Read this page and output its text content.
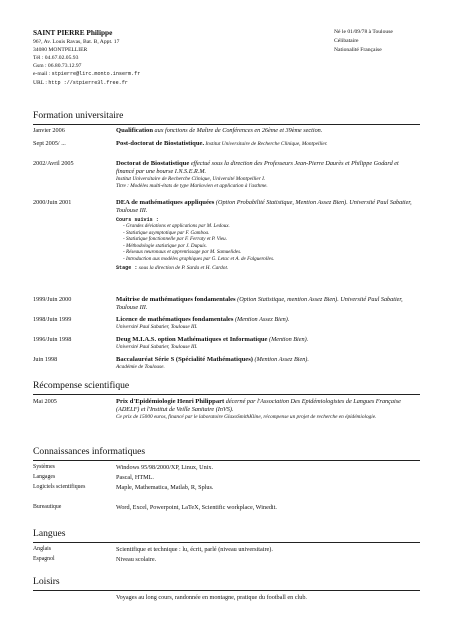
SAINT PIERRE Philippe
96?, Av. Louis Ravas, Bat. B, Appt. 17
34080 MONTPELLIER
Tél : 04.67.02.05.93
Gsm : 06.80.73.12.97
e-mail : stpierre@lirc.monto.inserm.fr
URL : http ://stpierre3l.free.fr
Né le 01/09/78 à Toulouse
Célibataire
Nationalité Française
Formation universitaire
Janvier 2006	Qualification aux fonctions de Maître de Conférences en 26ème et 39ème section.
Sept 2005/ ...	Post-doctorat de Biostatistique. Institut Universitaire de Recherche Clinique, Montpellier.
2002/Avril 2005	Doctorat de Biostatistique effectué sous la direction des Professeurs Jean-Pierre Daurès et Philippe Godard et financé par une bourse I.N.S.E.R.M.
Institut Universitaire de Recherche Clinique, Université Montpellier I.
Titre : Modèles multi-états de type Markovien et application à l'asthme.
2000/Juin 2001	DEA de mathématiques appliquées (Option Probabilité Statistique, Mention Assez Bien). Université Paul Sabatier, Toulouse III.
Cours suivis :
- Grandes déviations et applications par M. Ledoux.
- Statistique asymptotique par F. Gamboa.
- Statistique fonctionnelle par F. Ferraty et P. Vieu.
- Méthodologie statistique par J. Dupuis.
- Réseaux neuronaux et apprentissage par M. Samuelides.
- Introduction aux modèles graphiques par G. Letac et A. de Falguerolles.
Stage : sous la direction de P. Sarda et H. Cardot.
1999/Juin 2000	Maîtrise de mathématiques fondamentales (Option Statistique, mention Assez Bien). Université Paul Sabatier, Toulouse III.
1998/Juin 1999	Licence de mathématiques fondamentales (Mention Assez Bien).
Université Paul Sabatier, Toulouse III.
1996/Juin 1998	Deug M.I.A.S. option Mathématiques et Informatique (Mention Bien).
Université Paul Sabatier, Toulouse III.
Juin 1998	Baccalauréat Série S (Spécialité Mathématiques) (Mention Assez Bien).
Académie de Toulouse.
Récompense scientifique
Mai 2005	Prix d'Epidémiologie Henri Philippart décerné par l'Association Des Epidémiologistes de Langues Française (ADELF) et l'Institut de Veille Sanitaire (InVS).
Ce prix de 15000 euros, financé par le laboratoire GlaxoSmithKline, récompense un projet de recherche en épidémiologie.
Connaissances informatiques
Systèmes	Windows 95/98/2000/XP, Linux, Unix.
Langages	Pascal, HTML.
Logiciels scientifiques	Maple, Mathematica, Matlab, R, Splus.
Bureautique	Word, Excel, Powerpoint, LaTeX, Scientific workplace, Winedit.
Langues
Anglais	Scientifique et technique : lu, écrit, parlé (niveau universitaire).
Espagnol	Niveau scolaire.
Loisirs
Voyages au long cours, randonnée en montagne, pratique du football en club.
